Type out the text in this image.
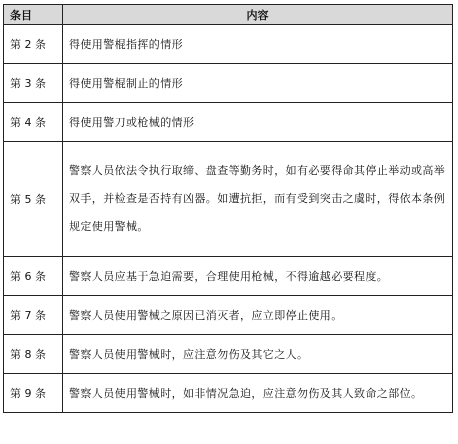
条目	内容
第 2 条	得使用警棍指挥的情形
第 3 条	得使用警棍制止的情形
第 4 条	得使用警刀或枪械的情形
第 5 条	警察人员依法令执行取缔、盘查等勤务时，如有必要得命其停止举动或高举双手，并检查是否持有凶器。如遭抗拒，而有受到突击之虞时，得依本条例规定使用警械。
第 6 条	警察人员应基于急迫需要，合理使用枪械，不得逾越必要程度。
第 7 条	警察人员使用警械之原因已消灭者，应立即停止使用。
第 8 条	警察人员使用警械时，应注意勿伤及其它之人。
第 9 条	警察人员使用警械时，如非情况急迫，应注意勿伤及其人致命之部位。
